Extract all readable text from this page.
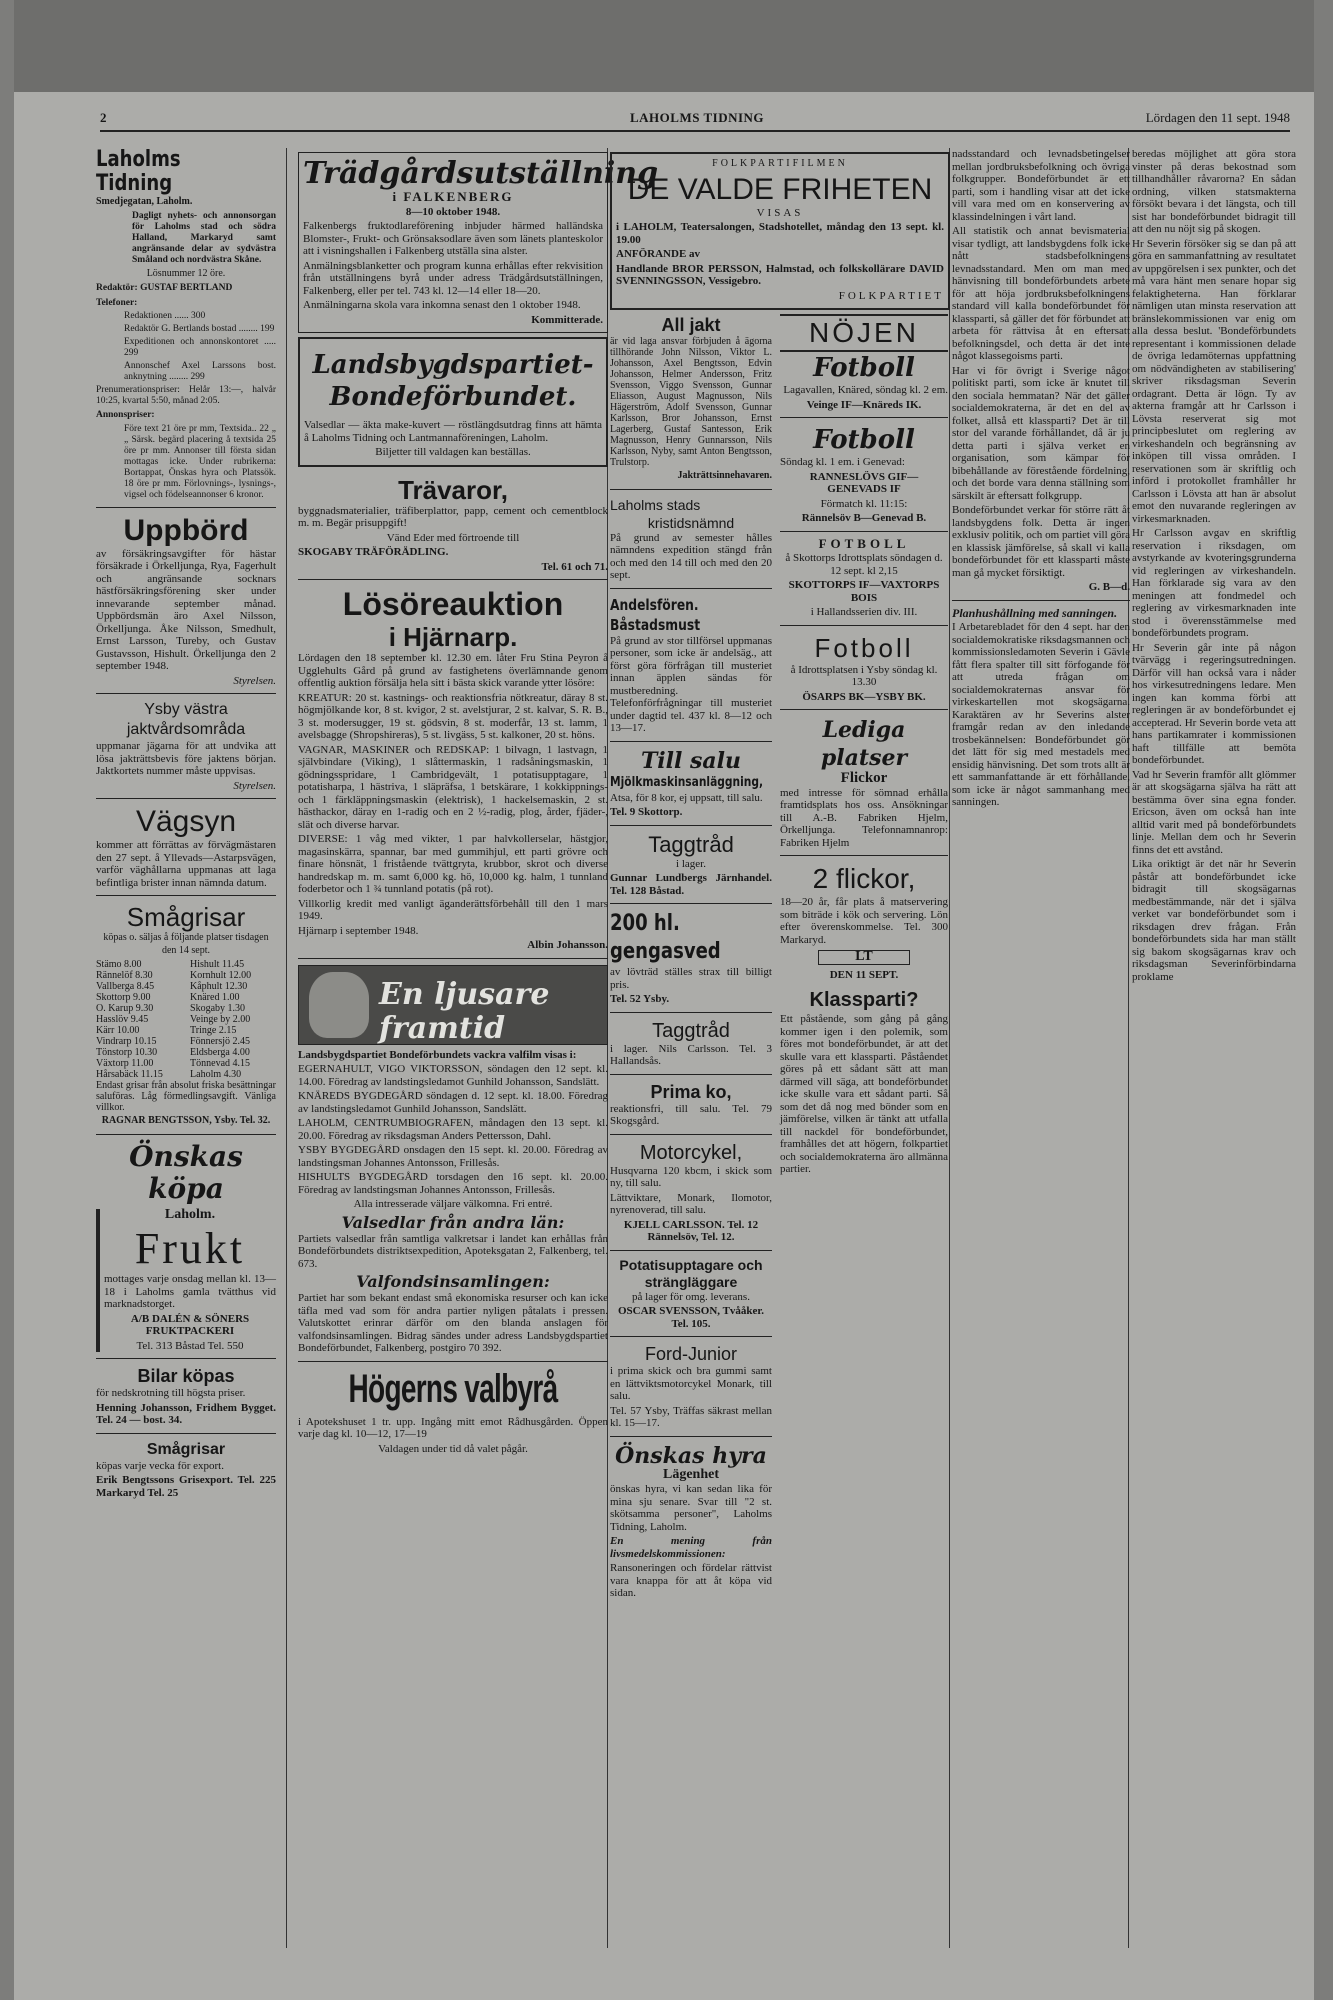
2	LAHOLMS TIDNING	Lördagen den 11 sept. 1948
Laholms Tidning

Smedjegatan, Laholm.

Dagligt nyhets- och annonsorgan för Laholms stad och södra Halland, Markaryd samt angränsande delar av sydvästra Småland och nordvästra Skåne.

Lösnummer 12 öre.

Redaktör: GUSTAF BERTLAND

Telefoner:

Redaktionen ...... 300

Redaktör G. Bertlands bostad ........ 199

Expeditionen och annonskontoret ..... 299

Annonschef Axel Larssons bost. anknytning ........ 299

Prenumerationspriser: Helår 13:—, halvår 10:25, kvartal 5:50, månad 2:05.

Annonspriser:

Före text 21 öre pr mm, Textsida.. 22 „ „ Särsk. begärd placering å textsida 25 öre pr mm. Annonser till första sidan mottagas icke. Under rubrikerna: Bortappat, Önskas hyra och Platssök. 18 öre pr mm. Förlovnings-, lysnings-, vigsel och födelseannonser 6 kronor.

Uppbörd

av försäkringsavgifter för hästar försäkrade i Örkelljunga, Rya, Fagerhult och angränsande socknars hästförsäkringsförening sker under innevarande september månad. Uppbördsmän äro Axel Nilsson, Örkelljunga. Åke Nilsson, Smedhult, Ernst Larsson, Tureby, och Gustav Gustavsson, Hishult. Örkelljunga den 2 september 1948.

Styrelsen.

Ysby västra jaktvårdsområda

uppmanar jägarna för att undvika att lösa jakträttsbevis före jaktens början. Jaktkortets nummer måste uppvisas.

Styrelsen.

Vägsyn

kommer att förrättas av förvägmästaren den 27 sept. å Yllevads—Astarpsvägen, varför väghållarna uppmanas att laga befintliga brister innan nämnda datum.

Smågrisar

köpas o. säljas å följande platser tisdagen den 14 sept.

Stämo 8.00	Hishult 11.45
Rännelöf 8.30	Kornhult 12.00
Vallberga 8.45	Kåphult 12.30
Skottorp 9.00	Knäred 1.00
O. Karup 9.30	Skogaby 1.30
Hasslöv 9.45	Veinge by 2.00
Kärr 10.00	Tringe 2.15
Vindrarp 10.15	Fönnersjö 2.45
Tönstorp 10.30	Eldsberga 4.00
Växtorp 11.00	Tönnevad 4.15
Hårsabäck 11.15	Laholm 4.30

Endast grisar från absolut friska besättningar saluföras. Låg förmedlingsavgift. Vänliga villkor.

RAGNAR BENGTSSON, Ysby. Tel. 32.

Önskas köpa

Laholm.

Frukt

mottages varje onsdag mellan kl. 13—18 i Laholms gamla tvätthus vid marknadstorget.

A/B DALÉN & SÖNERS FRUKTPACKERI

Tel. 313 Båstad Tel. 550

Bilar köpas

för nedskrotning till högsta priser.

Henning Johansson, Fridhem Bygget. Tel. 24 — bost. 34.

Smågrisar

köpas varje vecka för export.

Erik Bengtssons Grisexport. Tel. 225 Markaryd Tel. 25

Trädgårdsutställning

i FALKENBERG

8—10 oktober 1948.

Falkenbergs fruktodlareförening inbjuder härmed halländska Blomster-, Frukt- och Grönsaksodlare även som länets planteskolor att i visningshallen i Falkenberg utställa sina alster.

Anmälningsblanketter och program kunna erhållas efter rekvisition från utställningens byrå under adress Trädgårdsutställningen, Falkenberg, eller per tel. 743 kl. 12—14 eller 18—20.

Anmälningarna skola vara inkomna senast den 1 oktober 1948.

Kommitterade.

Landsbygdspartiet-
Bondeförbundet.

Valsedlar — äkta make-kuvert — röstlängdsutdrag finns att hämta å Laholms Tidning och Lantmannaföreningen, Laholm.

Biljetter till valdagen kan beställas.

Trävaror,

byggnadsmaterialier, träfiberplattor, papp, cement och cementblock m. m. Begär prisuppgift!

Vänd Eder med förtroende till

SKOGABY TRÄFÖRÄDLING.

Tel. 61 och 71.

Lösöreauktion
i Hjärnarp.

Lördagen den 18 september kl. 12.30 em. låter Fru Stina Peyron å Ugglehults Gård på grund av fastighetens överlämnande genom offentlig auktion försälja hela sitt i bästa skick varande ytter lösöre:

KREATUR: 20 st. kastnings- och reaktionsfria nötkreatur, däray 8 st. högmjölkande kor, 8 st. kvigor, 2 st. avelstjurar, 2 st. kalvar, S. R. B., 3 st. modersugger, 19 st. gödsvin, 8 st. moderfår, 13 st. lamm, 1 avelsbagge (Shropshireras), 5 st. livgäss, 5 st. kalkoner, 20 st. höns.

VAGNAR, MASKINER och REDSKAP: 1 bilvagn, 1 lastvagn, 1 självbindare (Viking), 1 slåttermaskin, 1 radsåningsmaskin, 1 gödningsspridare, 1 Cambridgevält, 1 potatisupptagare, 1 potatisharpa, 1 hästriva, 1 släpräfsa, 1 betskärare, 1 kokkippnings- och 1 färkläppningsmaskin (elektrisk), 1 hackelsemaskin, 2 st. hästhackor, däray en 1-radig och en 2 ½-radig, plog, årder, fjäder-, slät och diverse harvar.

DIVERSE: 1 våg med vikter, 1 par halvkollerselar, hästgjor, magasinskärra, spannar, bar med gummihjul, ett parti grövre och finare hönsnät, 1 fristående tvättgryta, krubbor, skrot och diverse handredskap m. m. samt 6,000 kg. hö, 10,000 kg. halm, 1 tunnland foderbetor och 1 ¾ tunnland potatis (på rot).

Villkorlig kredit med vanligt äganderättsförbehåll till den 1 mars 1949.

Hjärnarp i september 1948.

Albin Johansson.

En ljusare framtid

Landsbygdspartiet Bondeförbundets vackra valfilm visas i:

EGERNAHULT, VIGO VIKTORSSON, söndagen den 12 sept. kl. 14.00. Föredrag av landstingsledamot Gunhild Johansson, Sandslätt.

KNÄREDS BYGDEGÅRD söndagen d. 12 sept. kl. 18.00. Föredrag av landstingsledamot Gunhild Johansson, Sandslätt.

LAHOLM, CENTRUMBIOGRAFEN, måndagen den 13 sept. kl. 20.00. Föredrag av riksdagsman Anders Pettersson, Dahl.

YSBY BYGDEGÅRD onsdagen den 15 sept. kl. 20.00. Föredrag av landstingsman Johannes Antonsson, Frillesås.

HISHULTS BYGDEGÅRD torsdagen den 16 sept. kl. 20.00. Föredrag av landstingsman Johannes Antonsson, Frillesås.

Alla intresserade väljare välkomna. Fri entré.

Valsedlar från andra län:

Partiets valsedlar från samtliga valkretsar i landet kan erhållas från Bondeförbundets distriktsexpedition, Apoteksgatan 2, Falkenberg, tel. 673.

Valfondsinsamlingen:

Partiet har som bekant endast små ekonomiska resurser och kan icke täfla med vad som för andra partier nyligen påtalats i pressen. Valutskottet erinrar därför om den blanda anslagen för valfondsinsamlingen. Bidrag sändes under adress Landsbygdspartiet Bondeförbundet, Falkenberg, postgiro 70 392.

Högerns valbyrå

i Apotekshuset 1 tr. upp. Ingång mitt emot Rådhusgården. Öppen varje dag kl. 10—12, 17—19

Valdagen under tid då valet pågår.

FOLKPARTIFILMEN

DE VALDE FRIHETEN

VISAS

i LAHOLM, Teatersalongen, Stadshotellet, måndag den 13 sept. kl. 19.00

ANFÖRANDE av

Handlande BROR PERSSON, Halmstad, och folkskollärare DAVID SVENNINGSSON, Vessigebro.

FOLKPARTIET

All jakt

är vid laga ansvar förbjuden å ägorna tillhörande John Nilsson, Viktor L. Johansson, Axel Bengtsson, Edvin Johansson, Helmer Andersson, Fritz Svensson, Viggo Svensson, Gunnar Eliasson, August Magnusson, Nils Hägerström, Adolf Svensson, Gunnar Karlsson, Bror Johansson, Ernst Lagerberg, Gustaf Santesson, Erik Magnusson, Henry Gunnarsson, Nils Karlsson, Nyby, samt Anton Bengtsson, Trulstorp.

Jakträttsinnehavaren.

Laholms stads
kristidsnämnd

På grund av semester hålles nämndens expedition stängd från och med den 14 till och med den 20 sept.

Andelsfören. Båstadsmust

På grund av stor tillförsel uppmanas personer, som icke är andelsäg., att först göra förfrågan till musteriet innan äpplen sändas för mustberedning. Telefonförfrågningar till musteriet under dagtid tel. 437 kl. 8—12 och 13—17.

Till salu
Mjölkmaskinsanläggning,

Atsa, för 8 kor, ej uppsatt, till salu.

Tel. 9 Skottorp.

Taggtråd

i lager.

Gunnar Lundbergs Järnhandel. Tel. 128 Båstad.

200 hl. gengasved

av lövträd ställes strax till billigt pris.

Tel. 52 Ysby.

Taggtråd

i lager. Nils Carlsson. Tel. 3 Hallandsås.

Prima ko,

reaktionsfri, till salu. Tel. 79 Skogsgård.

Motorcykel,

Husqvarna 120 kbcm, i skick som ny, till salu.

Lättviktare, Monark, Ilomotor, nyrenoverad, till salu.

KJELL CARLSSON. Tel. 12 Rännelsöv, Tel. 12.

Potatisupptagare och strängläggare

på lager för omg. leverans.

OSCAR SVENSSON, Tvååker. Tel. 105.

Ford-Junior

i prima skick och bra gummi samt en lättviktsmotorcykel Monark, till salu.

Tel. 57 Ysby, Träffas säkrast mellan kl. 15—17.

Önskas hyra

Lägenhet

önskas hyra, vi kan sedan lika för mina sju senare. Svar till "2 st. skötsamma personer", Laholms Tidning, Laholm.

En mening från livsmedelskommissionen:

Ransoneringen och fördelar rättvist vara knappa för att åt köpa vid sidan.

NÖJEN
Fotboll

Lagavallen, Knäred, söndag kl. 2 em.

Veinge IF—Knäreds IK.

Fotboll

Söndag kl. 1 em. i Genevad:

RANNESLÖVS GIF—GENEVADS IF

Förmatch kl. 11:15:

Rännelsöv B—Genevad B.

FOTBOLL

å Skottorps Idrottsplats söndagen d. 12 sept. kl 2,15

SKOTTORPS IF—VAXTORPS BOIS

i Hallandsserien div. III.

Fotboll

å Idrottsplatsen i Ysby söndag kl. 13.30

ÖSARPS BK—YSBY BK.

Lediga platser

Flickor

med intresse för sömnad erhålla framtidsplats hos oss. Ansökningar till A.-B. Fabriken Hjelm, Örkelljunga. Telefonnamnanrop: Fabriken Hjelm

2 flickor,

18—20 år, får plats å matservering som biträde i kök och servering. Lön efter överenskommelse. Tel. 300 Markaryd.

LT

DEN 11 SEPT.

Klassparti?

Ett påstående, som gång på gång kommer igen i den polemik, som föres mot bondeförbundet, är att det skulle vara ett klassparti. Påståendet göres på ett sådant sätt att man därmed vill säga, att bondeförbundet icke skulle vara ett sådant parti. Så som det då nog med bönder som en jämförelse, vilken är tänkt att utfalla till nackdel för bondeförbundet, framhålles det att högern, folkpartiet och socialdemokraterna äro allmänna partier.

nadsstandard och levnadsbetingelser mellan jordbruksbefolkning och övriga folkgrupper. Bondeförbundet är ett parti, som i handling visar att det icke vill vara med om en konservering av klassindelningen i vårt land.

All statistik och annat bevismaterial visar tydligt, att landsbygdens folk icke nått stadsbefolkningens levnadsstandard. Men om man med hänvisning till bondeförbundets arbete för att höja jordbruksbefolkningens standard vill kalla bondeförbundet för klassparti, så gäller det för förbundet att arbeta för rättvisa åt en eftersatt befolkningsdel, och detta är det inte något klassegoisms parti.

Har vi för övrigt i Sverige något politiskt parti, som icke är knutet till den sociala hemmatan? När det gäller socialdemokraterna, är det en del av folket, allså ett klassparti? Det är till stor del varande förhållandet, då är ju detta parti i själva verket en organisation, som kämpar för bibehållande av förestående fördelning, och det borde vara denna ställning som särskilt är eftersatt folkgrupp.

Bondeförbundet verkar för större rätt åt landsbygdens folk. Detta är ingen exklusiv politik, och om partiet vill göra en klassisk jämförelse, så skall vi kalla bondeförbundet för ett klassparti måste man gå mycket försiktigt.

G. B—d.

Planhushållning med sanningen.

I Arbetarebladet för den 4 sept. har den socialdemokratiske riksdagsmannen och kommissionsledamoten Severin i Gävle fått flera spalter till sitt förfogande för att utreda frågan om socialdemokraternas ansvar för virkeskartellen mot skogsägarna. Karaktären av hr Severins alster framgår redan av den inledande trosbekännelsen: Bondeförbundet gör det lätt för sig med mestadels med ensidig hänvisning. Det som trots allt är ett sammanfattande är ett förhållande, som icke är något sammanhang med sanningen.

beredas möjlighet att göra stora vinster på deras bekostnad som tillhandhåller råvarorna? En sådan ordning, vilken statsmakterna försökt bevara i det längsta, och till sist har bondeförbundet bidragit till att den nu nöjt sig på skogen.

Hr Severin försöker sig se dan på att göra en sammanfattning av resultatet av uppgörelsen i sex punkter, och det må vara hänt men senare hopar sig felaktigheterna. Han förklarar nämligen utan minsta reservation att bränslekommissionen var enig om alla dessa beslut. 'Bondeförbundets representant i kommissionen delade de övriga ledamöternas uppfattning om nödvändigheten av stabilisering' skriver riksdagsman Severin ordagrant. Detta är lögn. Ty av akterna framgår att hr Carlsson i Lövsta reserverat sig mot principbeslutet om reglering av virkeshandeln och begränsning av inköpen till vissa områden. I reservationen som är skriftlig och införd i protokollet framhåller hr Carlsson i Lövsta att han är absolut emot den nuvarande regleringen av virkesmarknaden.

Hr Carlsson avgav en skriftlig reservation i riksdagen, om avstyrkande av kvoteringsgrunderna vid regleringen av virkeshandeln. Han förklarade sig vara av den meningen att fondmedel och reglering av virkesmarknaden inte stod i överensstämmelse med bondeförbundets program.

Hr Severin går inte på någon tvärvägg i regeringsutredningen. Därför vill han också vara i nåder hos virkesutredningens ledare. Men ingen kan komma förbi att regleringen är av bondeförbundet ej accepterad. Hr Severin borde veta att hans partikamrater i kommissionen haft tillfälle att bemöta bondeförbundet.

Vad hr Severin framför allt glömmer är att skogsägarna själva ha rätt att bestämma över sina egna fonder. Ericson, även om också han inte alltid varit med på bondeförbundets linje. Mellan dem och hr Severin finns det ett avstånd.

Lika oriktigt är det när hr Severin påstår att bondeförbundet icke bidragit till skogsägarnas medbestämmande, när det i själva verket var bondeförbundet som i riksdagen drev frågan. Från bondeförbundets sida har man ställt sig bakom skogsägarnas krav och riksdagsman Severinförbindarna proklame
